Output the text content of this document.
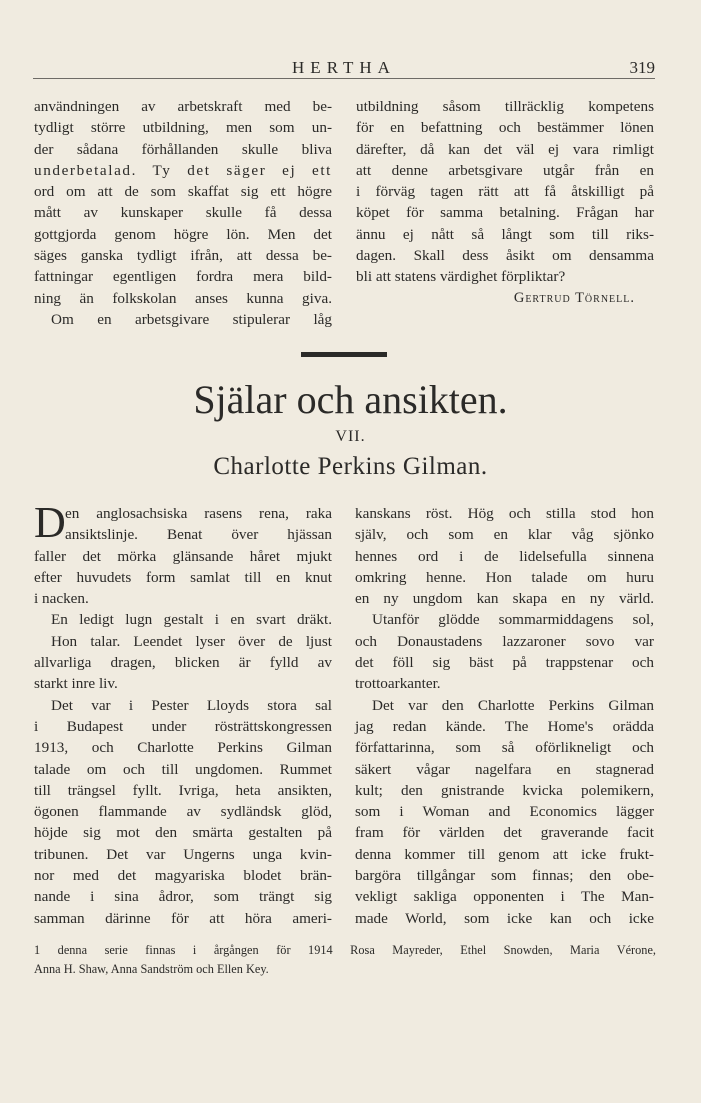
HERTHA	319
användningen av arbetskraft med be-
tydligt större utbildning, men som un-
der sådana förhållanden skulle bliva
underbetalad. Ty det säger ej ett
ord om att de som skaffat sig ett högre
mått av kunskaper skulle få dessa
gottgjorda genom högre lön. Men det
säges ganska tydligt ifrån, att dessa be-
fattningar egentligen fordra mera bild-
ning än folkskolan anses kunna giva.
Om en arbetsgivare stipulerar låg
utbildning såsom tillräcklig kompetens
för en befattning och bestämmer lönen
därefter, då kan det väl ej vara rimligt
att denne arbetsgivare utgår från en
i förväg tagen rätt att få åtskilligt på
köpet för samma betalning. Frågan har
ännu ej nått så långt som till riks-
dagen. Skall dess åsikt om densamma
bli att statens värdighet förpliktar?
Gertrud Törnell.
Själar och ansikten.
VII.
Charlotte Perkins Gilman.
D en anglosachsiska rasens rena, raka
ansiktslinje. Benat över hjässan
faller det mörka glänsande håret mjukt
efter huvudets form samlat till en knut
i nacken.
En ledigt lugn gestalt i en svart dräkt.
Hon talar. Leendet lyser över de ljust
allvarliga dragen, blicken är fylld av
starkt inre liv.
Det var i Pester Lloyds stora sal
i Budapest under rösträttskongressen
1913, och Charlotte Perkins Gilman
talade om och till ungdomen. Rummet
till trängsel fyllt. Ivriga, heta ansikten,
ögonen flammande av sydländsk glöd,
höjde sig mot den smärta gestalten på
tribunen. Det var Ungerns unga kvin-
nor med det magyariska blodet brän-
nande i sina ådror, som trängt sig
samman därinne för att höra ameri-
kanskans röst. Hög och stilla stod hon
själv, och som en klar våg sjönko
hennes ord i de lidelsefulla sinnena
omkring henne. Hon talade om huru
en ny ungdom kan skapa en ny värld.
Utanför glödde sommarmiddagens sol,
och Donaustadens lazzaroner sovo var
det föll sig bäst på trappstenar och
trottoarkanter.
Det var den Charlotte Perkins Gilman
jag redan kände. The Home's orädda
författarinna, som så oförlikneligt och
säkert vågar nagelfara en stagnerad
kult; den gnistrande kvicka polemikern,
som i Woman and Economics lägger
fram för världen det graverande facit
denna kommer till genom att icke frukt-
bargöra tillgångar som finnas; den obe-
vekligt sakliga opponenten i The Man-
made World, som icke kan och icke
1 denna serie finnas i årgången för 1914 Rosa Mayreder, Ethel Snowden, Maria Vérone,
Anna H. Shaw, Anna Sandström och Ellen Key.
